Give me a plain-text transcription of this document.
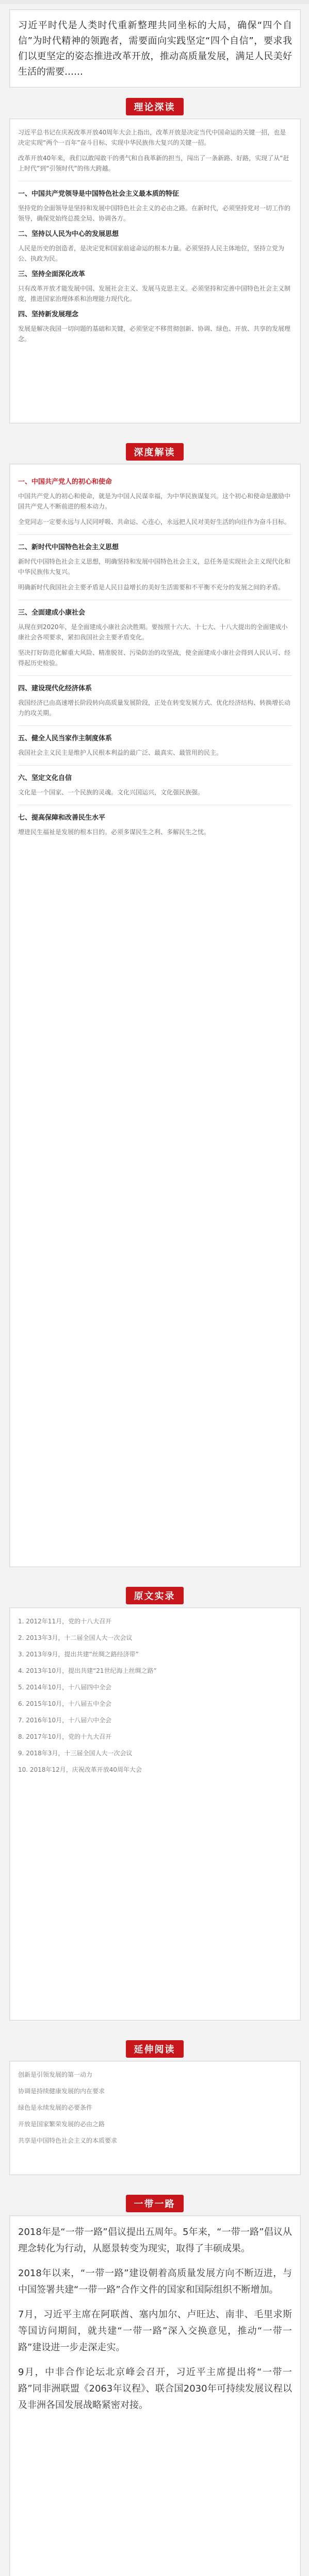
习近平时代是人类时代重新整理共同坐标的大局，确保“四个自信”为时代精神的领跑者，需要面向实践坚定“四个自信”，要求我们以更坚定的姿态推进改革开放，推动高质量发展，满足人民美好生活的需要……
理论深读

习近平总书记在庆祝改革开放40周年大会上指出，改革开放是决定当代中国命运的关键一招，也是决定实现“两个一百年”奋斗目标、实现中华民族伟大复兴的关键一招。

改革开放40年来，我们以敢闯敢干的勇气和自我革新的担当，闯出了一条新路、好路，实现了从“赶上时代”到“引领时代”的伟大跨越。

一、中国共产党领导是中国特色社会主义最本质的特征

坚持党的全面领导是坚持和发展中国特色社会主义的必由之路。在新时代，必须坚持党对一切工作的领导，确保党始终总揽全局、协调各方。

二、坚持以人民为中心的发展思想

人民是历史的创造者，是决定党和国家前途命运的根本力量。必须坚持人民主体地位，坚持立党为公、执政为民。

三、坚持全面深化改革

只有改革开放才能发展中国、发展社会主义、发展马克思主义。必须坚持和完善中国特色社会主义制度，推进国家治理体系和治理能力现代化。

四、坚持新发展理念

发展是解决我国一切问题的基础和关键，必须坚定不移贯彻创新、协调、绿色、开放、共享的发展理念。

深度解读
一、中国共产党人的初心和使命

中国共产党人的初心和使命，就是为中国人民谋幸福，为中华民族谋复兴。这个初心和使命是激励中国共产党人不断前进的根本动力。

全党同志一定要永远与人民同呼吸、共命运、心连心，永远把人民对美好生活的向往作为奋斗目标。

二、新时代中国特色社会主义思想

新时代中国特色社会主义思想，明确坚持和发展中国特色社会主义，总任务是实现社会主义现代化和中华民族伟大复兴。

明确新时代我国社会主要矛盾是人民日益增长的美好生活需要和不平衡不充分的发展之间的矛盾。

三、全面建成小康社会

从现在到2020年，是全面建成小康社会决胜期。要按照十六大、十七大、十八大提出的全面建成小康社会各项要求，紧扣我国社会主要矛盾变化。

坚决打好防范化解重大风险、精准脱贫、污染防治的攻坚战，使全面建成小康社会得到人民认可、经得起历史检验。

四、建设现代化经济体系

我国经济已由高速增长阶段转向高质量发展阶段，正处在转变发展方式、优化经济结构、转换增长动力的攻关期。

五、健全人民当家作主制度体系

我国社会主义民主是维护人民根本利益的最广泛、最真实、最管用的民主。

六、坚定文化自信

文化是一个国家、一个民族的灵魂。文化兴国运兴，文化强民族强。

七、提高保障和改善民生水平

增进民生福祉是发展的根本目的。必须多谋民生之利、多解民生之忧。

原文实录
1. 2012年11月，党的十八大召开
2. 2013年3月，十二届全国人大一次会议
3. 2013年9月，提出共建“丝绸之路经济带”
4. 2013年10月，提出共建“21世纪海上丝绸之路”
5. 2014年10月，十八届四中全会
6. 2015年10月，十八届五中全会
7. 2016年10月，十八届六中全会
8. 2017年10月，党的十九大召开
9. 2018年3月，十三届全国人大一次会议
10. 2018年12月，庆祝改革开放40周年大会
延伸阅读
创新是引领发展的第一动力
协调是持续健康发展的内在要求
绿色是永续发展的必要条件
开放是国家繁荣发展的必由之路
共享是中国特色社会主义的本质要求
一带一路

2018年是“一带一路”倡议提出五周年。5年来，“一带一路”倡议从理念转化为行动，从愿景转变为现实，取得了丰硕成果。

2018年以来，“一带一路”建设朝着高质量发展方向不断迈进，与中国签署共建“一带一路”合作文件的国家和国际组织不断增加。

7月，习近平主席在阿联酋、塞内加尔、卢旺达、南非、毛里求斯等国访问期间，就共建“一带一路”深入交换意见，推动“一带一路”建设进一步走深走实。

9月，中非合作论坛北京峰会召开，习近平主席提出将“一带一路”同非洲联盟《2063年议程》、联合国2030年可持续发展议程以及非洲各国发展战略紧密对接。
